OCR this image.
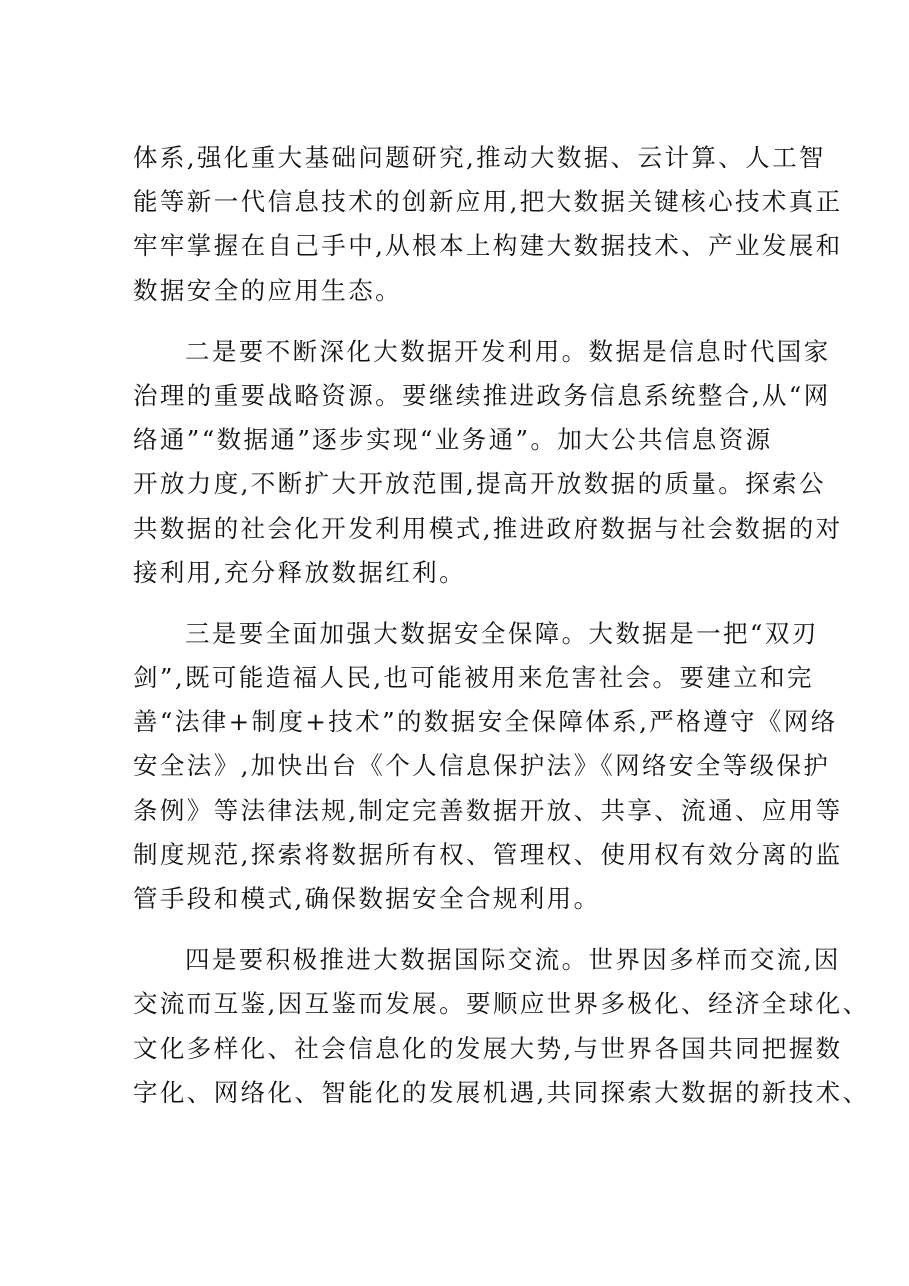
体系,强化重大基础问题研究,推动大数据、云计算、人工智
能等新一代信息技术的创新应用,把大数据关键核心技术真正
牢牢掌握在自己手中,从根本上构建大数据技术、产业发展和
数据安全的应用生态。
二是要不断深化大数据开发利用。数据是信息时代国家
治理的重要战略资源。要继续推进政务信息系统整合,从“网
络通”“数据通”逐步实现“业务通”。加大公共信息资源
开放力度,不断扩大开放范围,提高开放数据的质量。探索公
共数据的社会化开发利用模式,推进政府数据与社会数据的对
接利用,充分释放数据红利。
三是要全面加强大数据安全保障。大数据是一把“双刃
剑”,既可能造福人民,也可能被用来危害社会。要建立和完
善“法律+制度+技术”的数据安全保障体系,严格遵守《网络
安全法》,加快出台《个人信息保护法》《网络安全等级保护
条例》等法律法规,制定完善数据开放、共享、流通、应用等
制度规范,探索将数据所有权、管理权、使用权有效分离的监
管手段和模式,确保数据安全合规利用。
四是要积极推进大数据国际交流。世界因多样而交流,因
交流而互鉴,因互鉴而发展。要顺应世界多极化、经济全球化、
文化多样化、社会信息化的发展大势,与世界各国共同把握数
字化、网络化、智能化的发展机遇,共同探索大数据的新技术、
